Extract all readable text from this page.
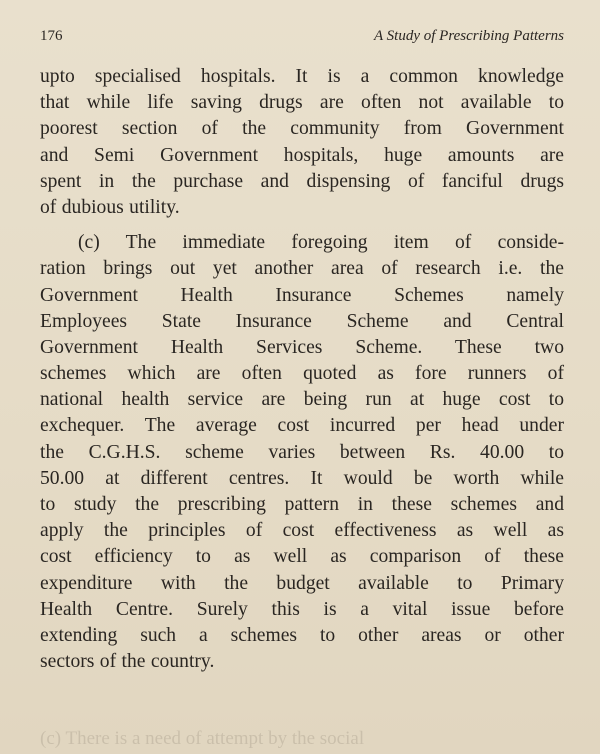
176	A Study of Prescribing Patterns
upto specialised hospitals. It is a common knowledge
that while life saving drugs are often not available to
poorest section of the community from Government
and Semi Government hospitals, huge amounts are
spent in the purchase and dispensing of fanciful drugs
of dubious utility.
(c) The immediate foregoing item of conside-
ration brings out yet another area of research i.e. the
Government Health Insurance Schemes namely
Employees State Insurance Scheme and Central
Government Health Services Scheme. These two
schemes which are often quoted as fore runners of
national health service are being run at huge cost to
exchequer. The average cost incurred per head under
the C.G.H.S. scheme varies between Rs. 40.00 to
50.00 at different centres. It would be worth while
to study the prescribing pattern in these schemes and
apply the principles of cost effectiveness as well as
cost efficiency to as well as comparison of these
expenditure with the budget available to Primary
Health Centre. Surely this is a vital issue before
extending such a schemes to other areas or other
sectors of the country.
(c) There is a need of attempt by the social
